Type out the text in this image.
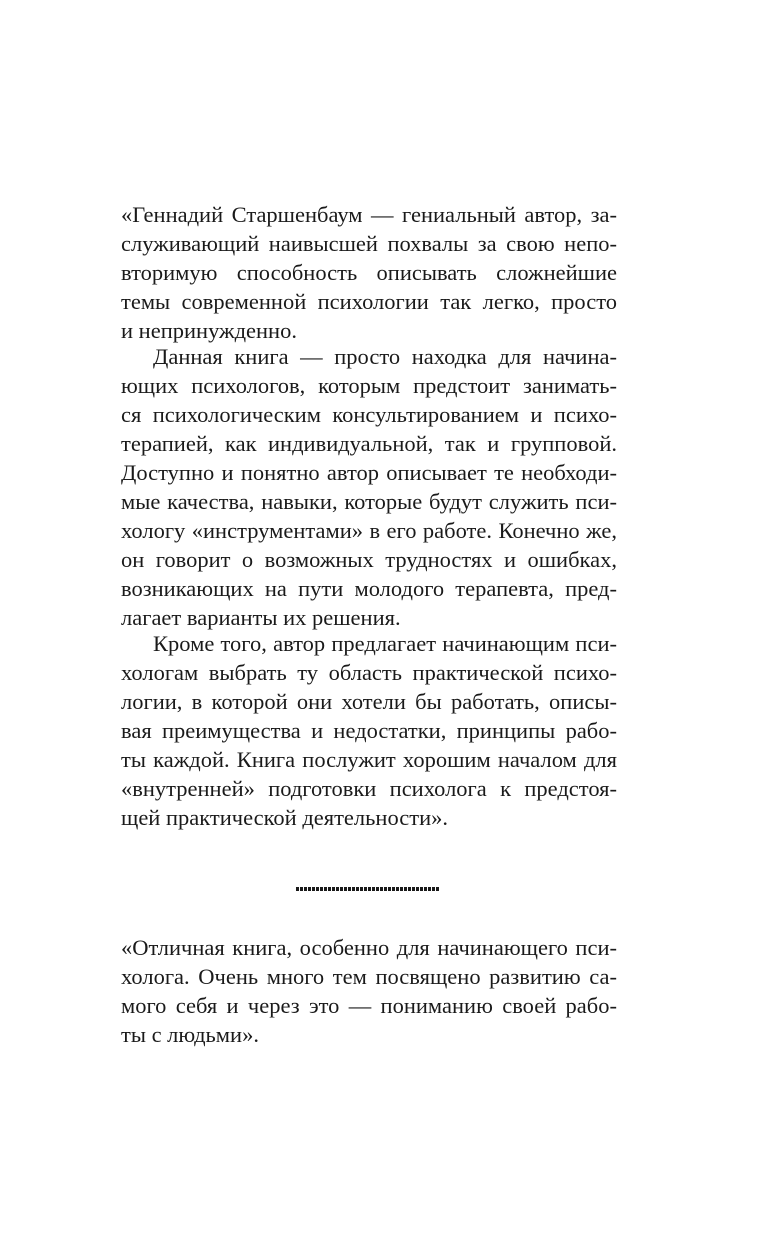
«Геннадий Старшенбаум — гениальный автор, за-
служивающий наивысшей похвалы за свою непо-
вторимую способность описывать сложнейшие
темы современной психологии так легко, просто
и непринужденно.
Данная книга — просто находка для начина-
ющих психологов, которым предстоит занимать-
ся психологическим консультированием и психо-
терапией, как индивидуальной, так и групповой.
Доступно и понятно автор описывает те необходи-
мые качества, навыки, которые будут служить пси-
хологу «инструментами» в его работе. Конечно же,
он говорит о возможных трудностях и ошибках,
возникающих на пути молодого терапевта, пред-
лагает варианты их решения.
Кроме того, автор предлагает начинающим пси-
хологам выбрать ту область практической психо-
логии, в которой они хотели бы работать, описы-
вая преимущества и недостатки, принципы рабо-
ты каждой. Книга послужит хорошим началом для
«внутренней» подготовки психолога к предстоя-
щей практической деятельности».
«Отличная книга, особенно для начинающего пси-
холога. Очень много тем посвящено развитию са-
мого себя и через это — пониманию своей рабо-
ты с людьми».
